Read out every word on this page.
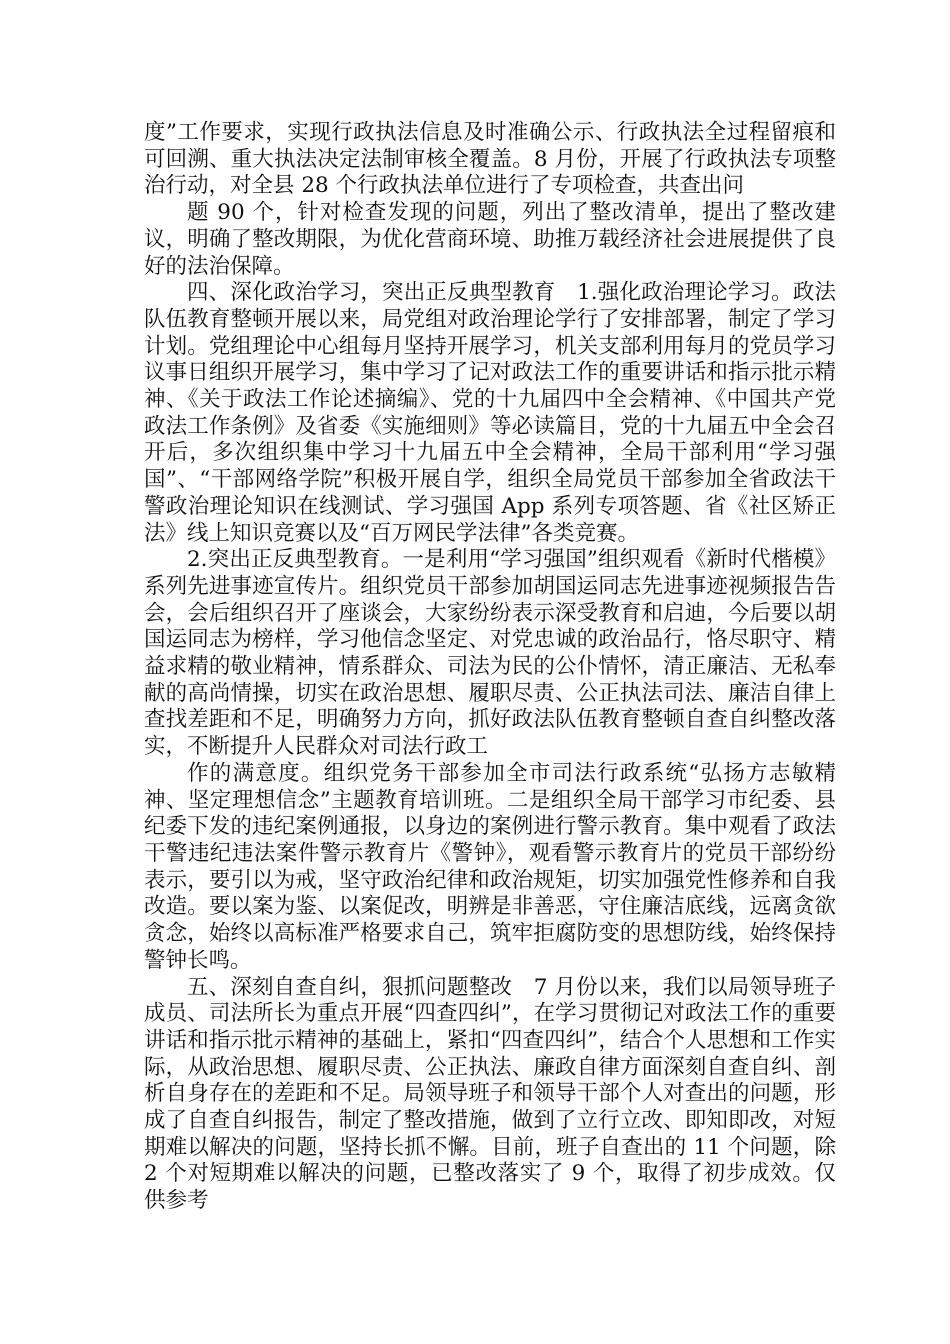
度”工作要求，实现行政执法信息及时准确公示、行政执法全过程留痕和可回溯、重大执法决定法制审核全覆盖。8 月份，开展了行政执法专项整治行动，对全县 28 个行政执法单位进行了专项检查，共查出问

题 90 个，针对检查发现的问题，列出了整改清单，提出了整改建议，明确了整改期限，为优化营商环境、助推万载经济社会进展提供了良好的法治保障。

四、深化政治学习，突出正反典型教育　1.强化政治理论学习。政法队伍教育整顿开展以来，局党组对政治理论学行了安排部署，制定了学习计划。党组理论中心组每月坚持开展学习，机关支部利用每月的党员学习议事日组织开展学习，集中学习了记对政法工作的重要讲话和指示批示精神、《关于政法工作论述摘编》、党的十九届四中全会精神、《中国共产党政法工作条例》及省委《实施细则》等必读篇目，党的十九届五中全会召开后，多次组织集中学习十九届五中全会精神，全局干部利用“学习强国”、“干部网络学院”积极开展自学，组织全局党员干部参加全省政法干警政治理论知识在线测试、学习强国 App 系列专项答题、省《社区矫正法》线上知识竞赛以及“百万网民学法律”各类竞赛。

2.突出正反典型教育。一是利用“学习强国”组织观看《新时代楷模》系列先进事迹宣传片。组织党员干部参加胡国运同志先进事迹视频报告告会，会后组织召开了座谈会，大家纷纷表示深受教育和启迪，今后要以胡国运同志为榜样，学习他信念坚定、对党忠诚的政治品行，恪尽职守、精益求精的敬业精神，情系群众、司法为民的公仆情怀，清正廉洁、无私奉献的高尚情操，切实在政治思想、履职尽责、公正执法司法、廉洁自律上查找差距和不足，明确努力方向，抓好政法队伍教育整顿自查自纠整改落实，不断提升人民群众对司法行政工

作的满意度。组织党务干部参加全市司法行政系统“弘扬方志敏精神、坚定理想信念”主题教育培训班。二是组织全局干部学习市纪委、县纪委下发的违纪案例通报，以身边的案例进行警示教育。集中观看了政法干警违纪违法案件警示教育片《警钟》，观看警示教育片的党员干部纷纷表示，要引以为戒，坚守政治纪律和政治规矩，切实加强党性修养和自我改造。要以案为鉴、以案促改，明辨是非善恶，守住廉洁底线，远离贪欲贪念，始终以高标准严格要求自己，筑牢拒腐防变的思想防线，始终保持警钟长鸣。

五、深刻自查自纠，狠抓问题整改　7 月份以来，我们以局领导班子成员、司法所长为重点开展“四查四纠”，在学习贯彻记对政法工作的重要讲话和指示批示精神的基础上，紧扣“四查四纠”，结合个人思想和工作实际，从政治思想、履职尽责、公正执法、廉政自律方面深刻自查自纠、剖析自身存在的差距和不足。局领导班子和领导干部个人对查出的问题，形成了自查自纠报告，制定了整改措施，做到了立行立改、即知即改，对短期难以解决的问题，坚持长抓不懈。目前，班子自查出的 11 个问题，除 2 个对短期难以解决的问题，已整改落实了 9 个，取得了初步成效。仅供参考
